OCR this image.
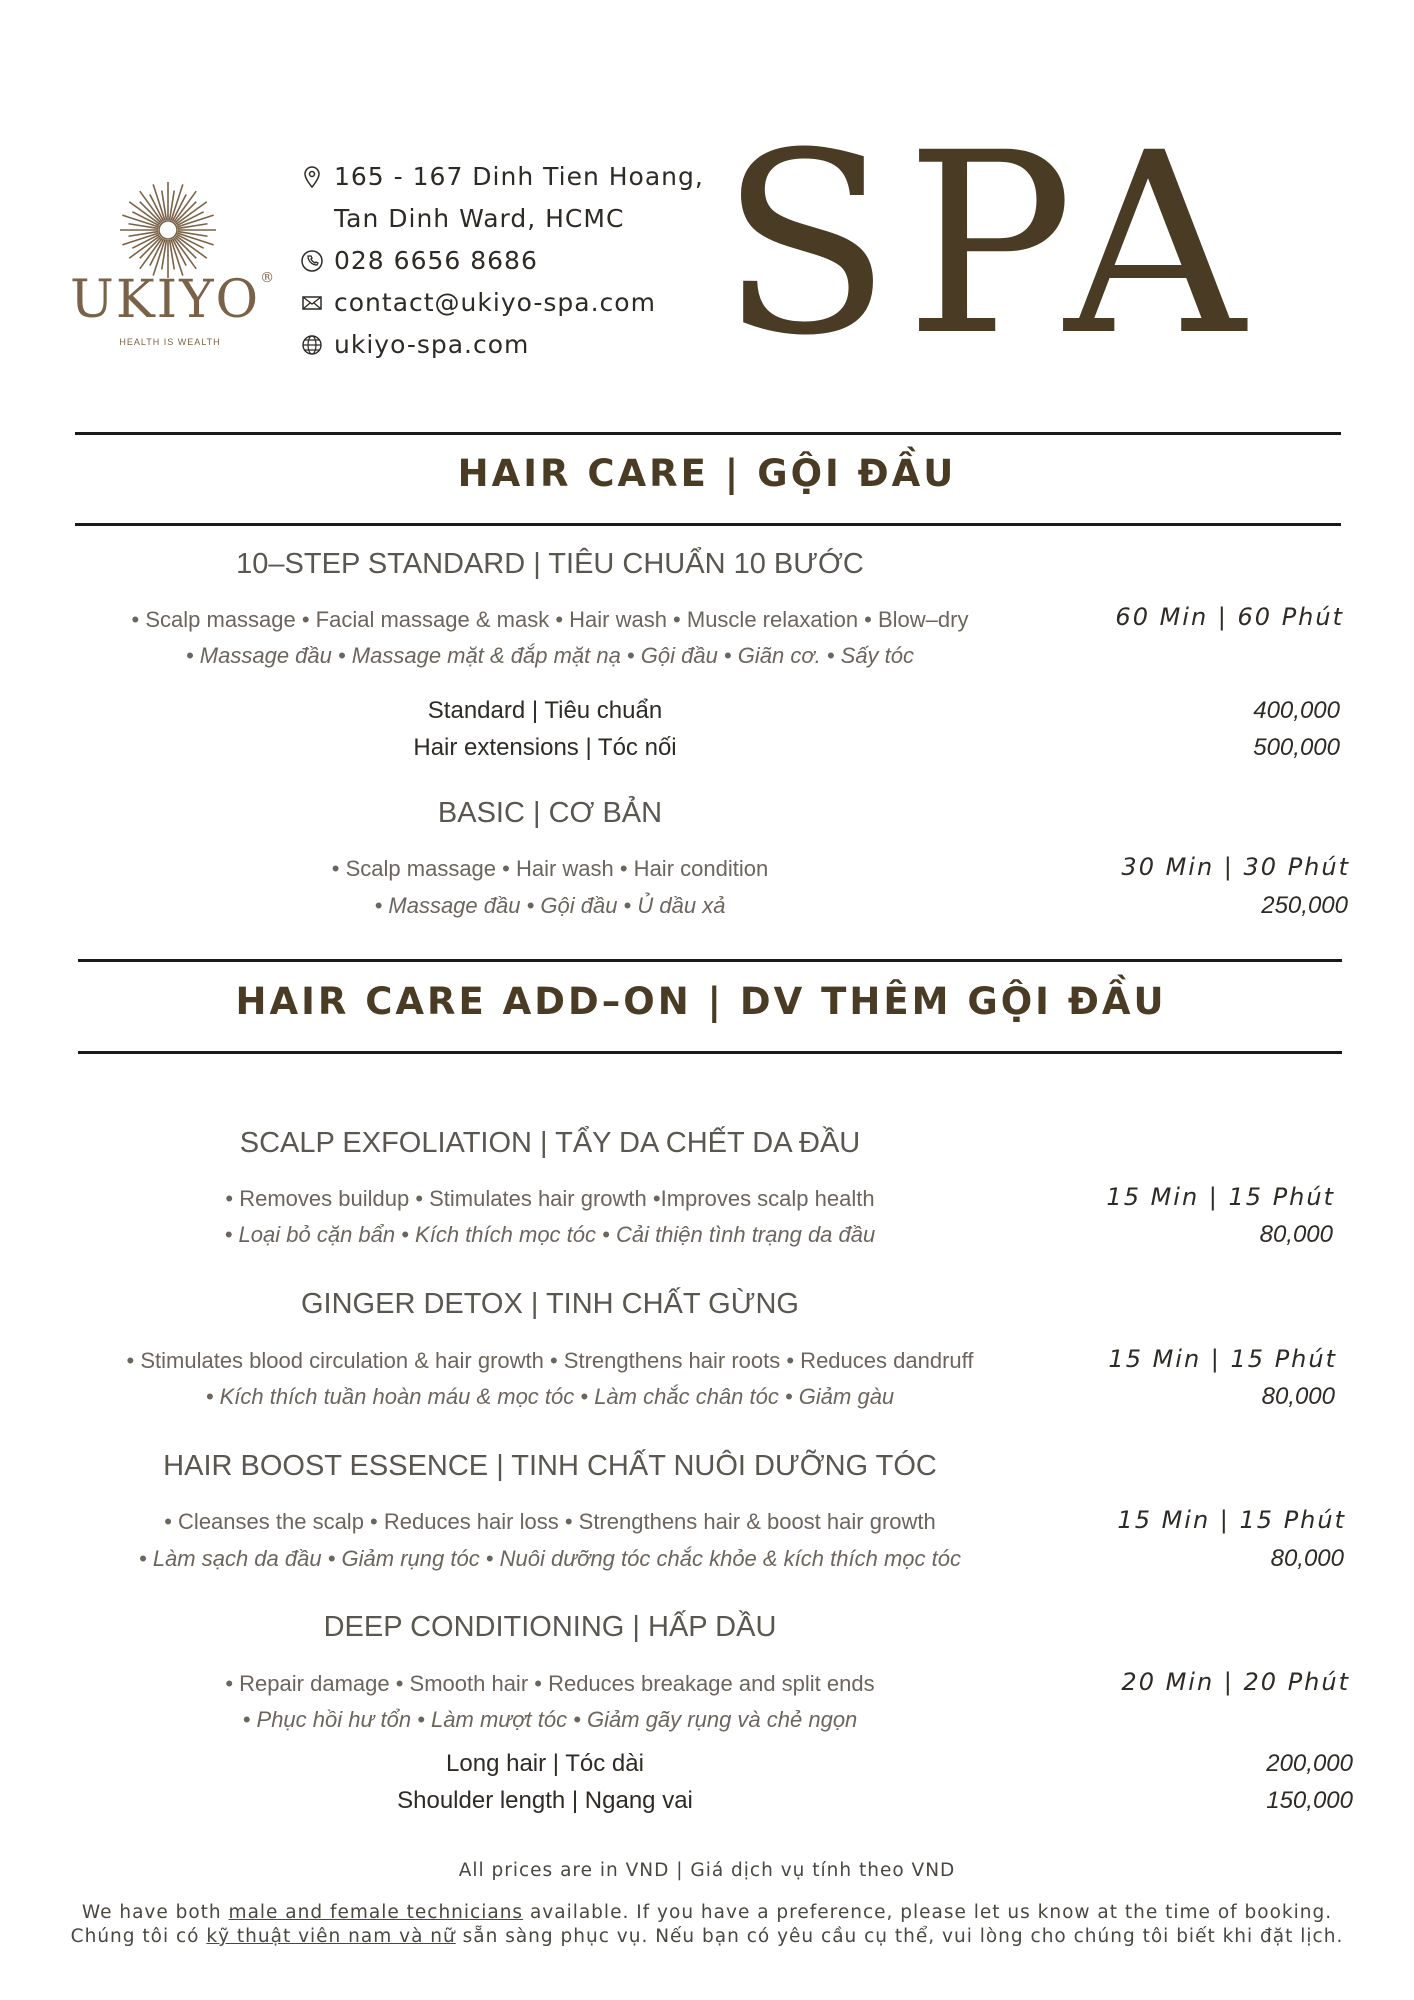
UKIYO®
HEALTH IS WEALTH
165 - 167 Dinh Tien Hoang,
Tan Dinh Ward, HCMC
028 6656 8686
contact@ukiyo-spa.com
ukiyo-spa.com SPA
HAIR CARE | GỘI ĐẦU
10–STEP STANDARD | TIÊU CHUẨN 10 BƯỚC
• Scalp massage • Facial massage & mask • Hair wash • Muscle relaxation • Blow–dry
• Massage đầu • Massage mặt & đắp mặt nạ • Gội đầu • Giãn cơ. • Sấy tóc
60 Min | 60 Phút
Standard | Tiêu chuẩn	400,000
Hair extensions | Tóc nối	500,000
BASIC | CƠ BẢN
• Scalp massage • Hair wash • Hair condition
• Massage đầu • Gội đầu • Ủ dầu xả
30 Min | 30 Phút
250,000
HAIR CARE ADD–ON | DV THÊM GỘI ĐẦU
SCALP EXFOLIATION | TẨY DA CHẾT DA ĐẦU
• Removes buildup • Stimulates hair growth •Improves scalp health
• Loại bỏ cặn bẩn • Kích thích mọc tóc • Cải thiện tình trạng da đầu
15 Min | 15 Phút
80,000
GINGER DETOX | TINH CHẤT GỪNG
• Stimulates blood circulation & hair growth • Strengthens hair roots • Reduces dandruff
• Kích thích tuần hoàn máu & mọc tóc • Làm chắc chân tóc • Giảm gàu
15 Min | 15 Phút
80,000
HAIR BOOST ESSENCE | TINH CHẤT NUÔI DƯỠNG TÓC
• Cleanses the scalp • Reduces hair loss • Strengthens hair & boost hair growth
• Làm sạch da đầu • Giảm rụng tóc • Nuôi dưỡng tóc chắc khỏe & kích thích mọc tóc
15 Min | 15 Phút
80,000
DEEP CONDITIONING | HẤP DẦU
• Repair damage • Smooth hair • Reduces breakage and split ends
• Phục hồi hư tổn • Làm mượt tóc • Giảm gãy rụng và chẻ ngọn
20 Min | 20 Phút
Long hair | Tóc dài	200,000
Shoulder length | Ngang vai	150,000
All prices are in VND | Giá dịch vụ tính theo VND
We have both male and female technicians available. If you have a preference, please let us know at the time of booking.
Chúng tôi có kỹ thuật viên nam và nữ sẵn sàng phục vụ. Nếu bạn có yêu cầu cụ thể, vui lòng cho chúng tôi biết khi đặt lịch.
